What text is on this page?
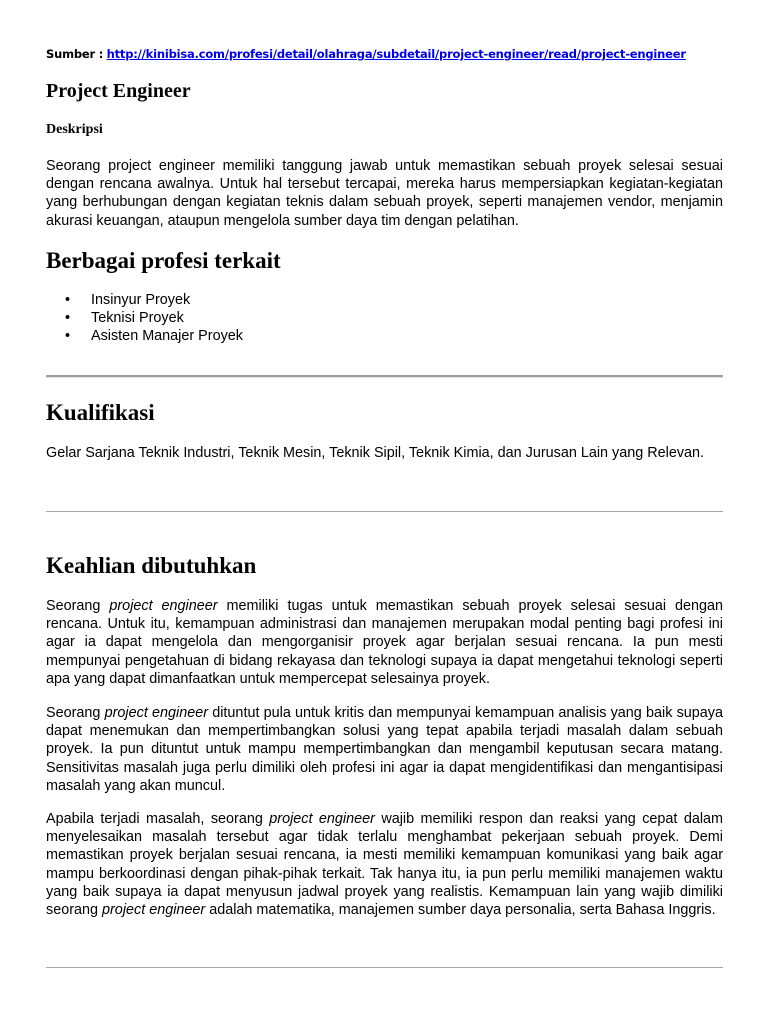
Sumber : http://kinibisa.com/profesi/detail/olahraga/subdetail/project-engineer/read/project-engineer
Project Engineer
Deskripsi

Seorang project engineer memiliki tanggung jawab untuk memastikan sebuah proyek selesai sesuai dengan rencana awalnya. Untuk hal tersebut tercapai, mereka harus mempersiapkan kegiatan-kegiatan yang berhubungan dengan kegiatan teknis dalam sebuah proyek, seperti manajemen vendor, menjamin akurasi keuangan, ataupun mengelola sumber daya tim dengan pelatihan.

Berbagai profesi terkait
• Insinyur Proyek
• Teknisi Proyek
• Asisten Manajer Proyek
Kualifikasi

Gelar Sarjana Teknik Industri, Teknik Mesin, Teknik Sipil, Teknik Kimia, dan Jurusan Lain yang Relevan.

Keahlian dibutuhkan

Seorang project engineer memiliki tugas untuk memastikan sebuah proyek selesai sesuai dengan rencana. Untuk itu, kemampuan administrasi dan manajemen merupakan modal penting bagi profesi ini agar ia dapat mengelola dan mengorganisir proyek agar berjalan sesuai rencana. Ia pun mesti mempunyai pengetahuan di bidang rekayasa dan teknologi supaya ia dapat mengetahui teknologi seperti apa yang dapat dimanfaatkan untuk mempercepat selesainya proyek.

Seorang project engineer dituntut pula untuk kritis dan mempunyai kemampuan analisis yang baik supaya dapat menemukan dan mempertimbangkan solusi yang tepat apabila terjadi masalah dalam sebuah proyek. Ia pun dituntut untuk mampu mempertimbangkan dan mengambil keputusan secara matang. Sensitivitas masalah juga perlu dimiliki oleh profesi ini agar ia dapat mengidentifikasi dan mengantisipasi masalah yang akan muncul.

Apabila terjadi masalah, seorang project engineer wajib memiliki respon dan reaksi yang cepat dalam menyelesaikan masalah tersebut agar tidak terlalu menghambat pekerjaan sebuah proyek. Demi memastikan proyek berjalan sesuai rencana, ia mesti memiliki kemampuan komunikasi yang baik agar mampu berkoordinasi dengan pihak-pihak terkait. Tak hanya itu, ia pun perlu memiliki manajemen waktu yang baik supaya ia dapat menyusun jadwal proyek yang realistis. Kemampuan lain yang wajib dimiliki seorang project engineer adalah matematika, manajemen sumber daya personalia, serta Bahasa Inggris.
